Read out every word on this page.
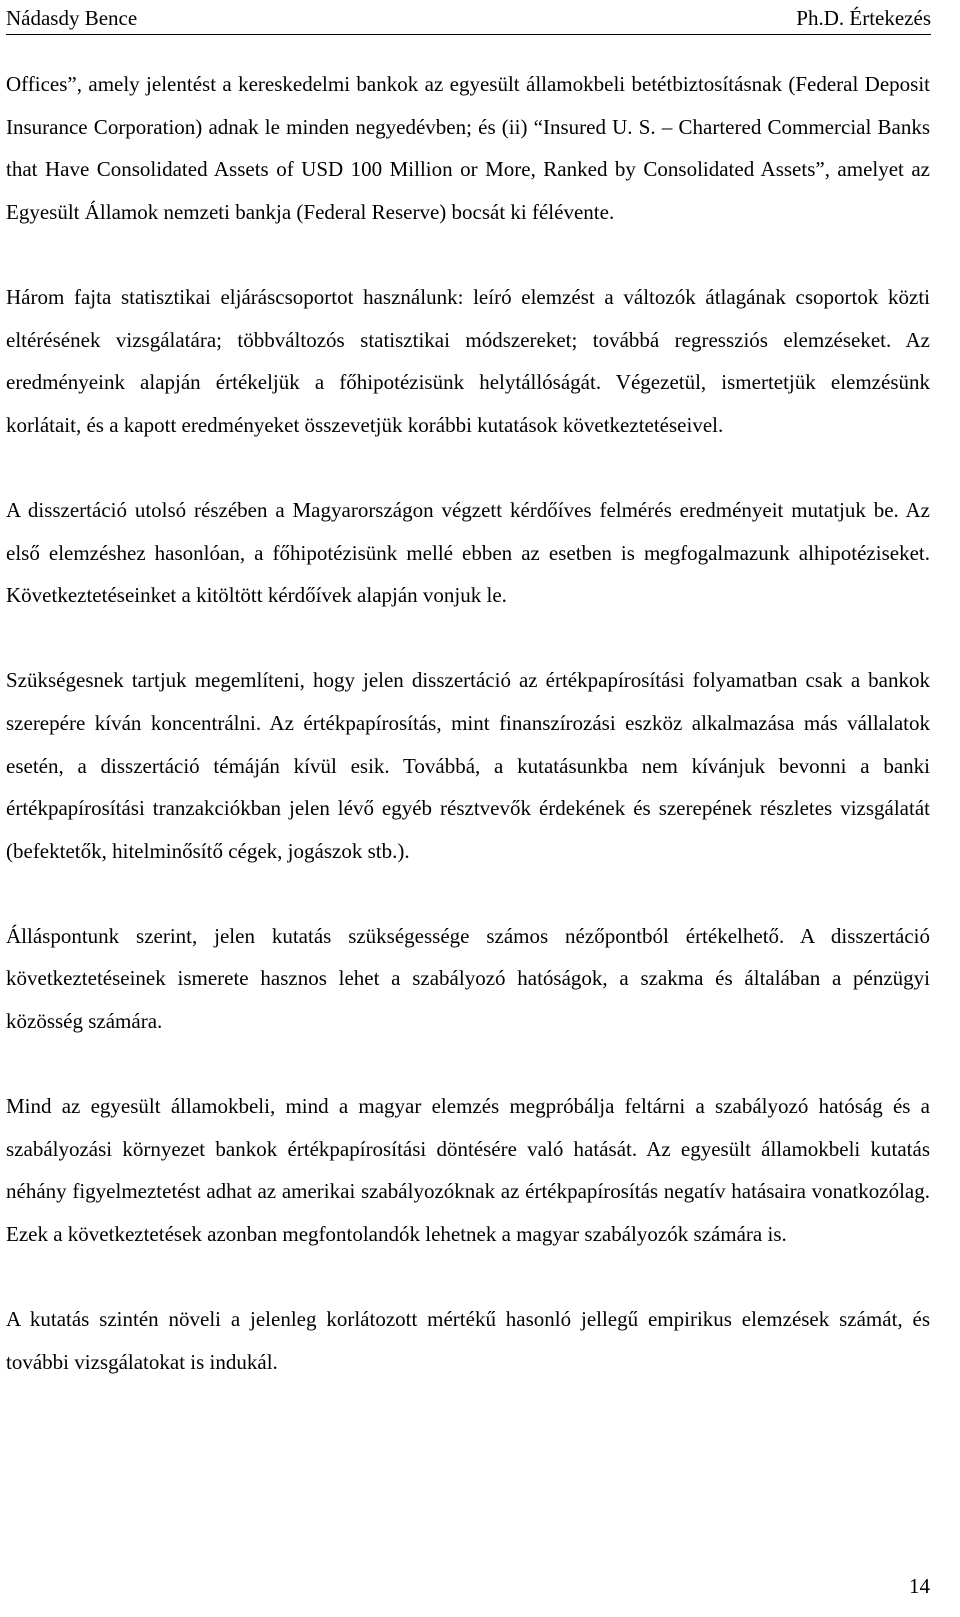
Nádasdy Bence	Ph.D. Értekezés

Offices”, amely jelentést a kereskedelmi bankok az egyesült államokbeli betétbiztosításnak (Federal Deposit Insurance Corporation) adnak le minden negyedévben; és (ii) “Insured U. S. – Chartered Commercial Banks that Have Consolidated Assets of USD 100 Million or More, Ranked by Consolidated Assets”, amelyet az Egyesült Államok nemzeti bankja (Federal Reserve) bocsát ki félévente.

Három fajta statisztikai eljáráscsoportot használunk: leíró elemzést a változók átlagának csoportok közti eltérésének vizsgálatára; többváltozós statisztikai módszereket; továbbá regressziós elemzéseket. Az eredményeink alapján értékeljük a főhipotézisünk helytállóságát. Végezetül, ismertetjük elemzésünk korlátait, és a kapott eredményeket összevetjük korábbi kutatások következtetéseivel.

A disszertáció utolsó részében a Magyarországon végzett kérdőíves felmérés eredményeit mutatjuk be. Az első elemzéshez hasonlóan, a főhipotézisünk mellé ebben az esetben is megfogalmazunk alhipotéziseket. Következtetéseinket a kitöltött kérdőívek alapján vonjuk le.

Szükségesnek tartjuk megemlíteni, hogy jelen disszertáció az értékpapírosítási folyamatban csak a bankok szerepére kíván koncentrálni. Az értékpapírosítás, mint finanszírozási eszköz alkalmazása más vállalatok esetén, a disszertáció témáján kívül esik. Továbbá, a kutatásunkba nem kívánjuk bevonni a banki értékpapírosítási tranzakciókban jelen lévő egyéb résztvevők érdekének és szerepének részletes vizsgálatát (befektetők, hitelminősítő cégek, jogászok stb.).

Álláspontunk szerint, jelen kutatás szükségessége számos nézőpontból értékelhető. A disszertáció következtetéseinek ismerete hasznos lehet a szabályozó hatóságok, a szakma és általában a pénzügyi közösség számára.

Mind az egyesült államokbeli, mind a magyar elemzés megpróbálja feltárni a szabályozó hatóság és a szabályozási környezet bankok értékpapírosítási döntésére való hatását. Az egyesült államokbeli kutatás néhány figyelmeztetést adhat az amerikai szabályozóknak az értékpapírosítás negatív hatásaira vonatkozólag. Ezek a következtetések azonban megfontolandók lehetnek a magyar szabályozók számára is.

A kutatás szintén növeli a jelenleg korlátozott mértékű hasonló jellegű empirikus elemzések számát, és további vizsgálatokat is indukál.

14
